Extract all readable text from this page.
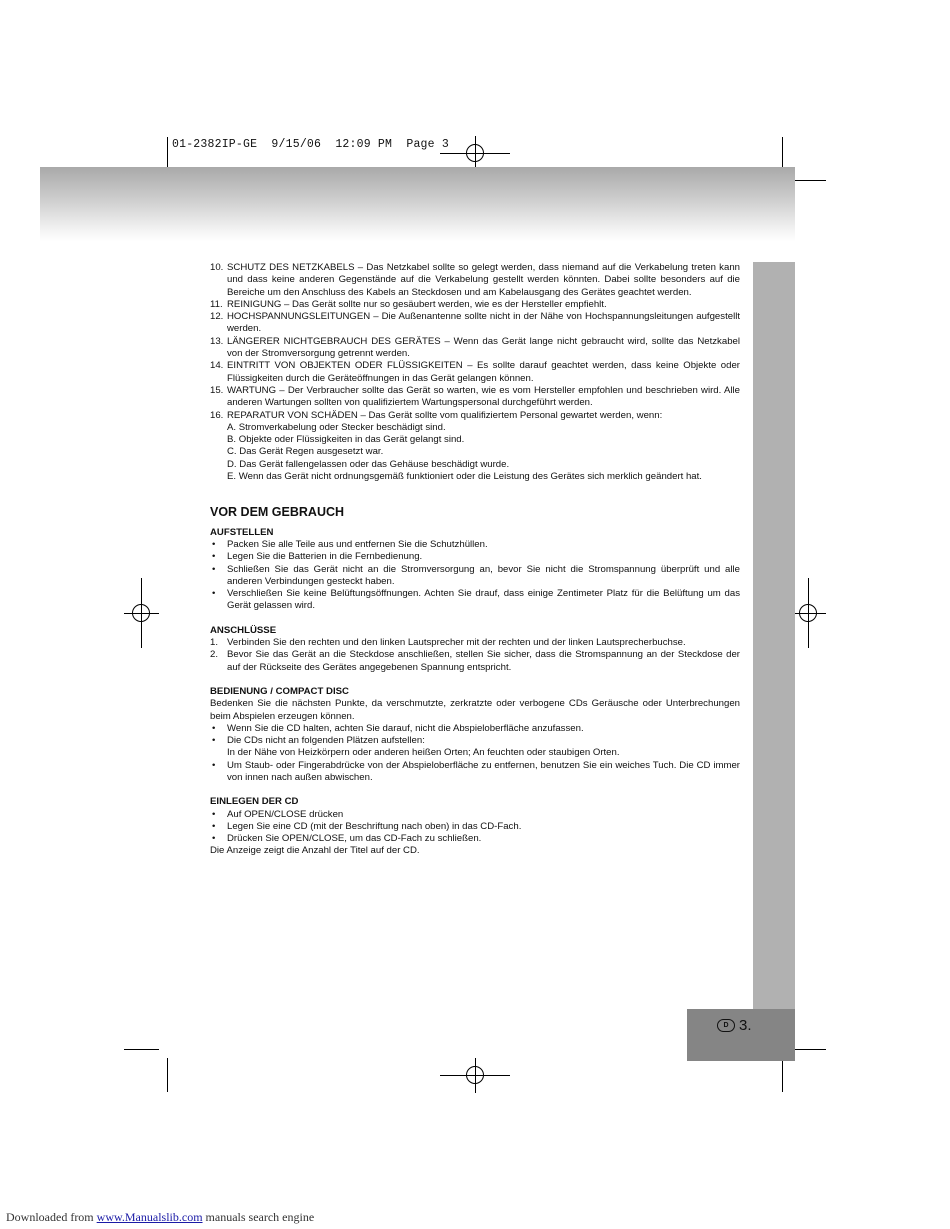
01-2382IP-GE  9/15/06  12:09 PM  Page 3
D 3.
10. SCHUTZ DES NETZKABELS – Das Netzkabel sollte so gelegt werden, dass niemand auf die Verkabelung treten kann und dass keine anderen Gegenstände auf die Verkabelung gestellt werden könnten. Dabei sollte besonders auf die Bereiche um den Anschluss des Kabels an Steckdosen und am Kabelausgang des Gerätes geachtet werden.
11. REINIGUNG – Das Gerät sollte nur so gesäubert werden, wie es der Hersteller empfiehlt.
12. HOCHSPANNUNGSLEITUNGEN – Die Außenantenne sollte nicht in der Nähe von Hochspannungsleitungen aufgestellt werden.
13. LÄNGERER NICHTGEBRAUCH DES GERÄTES – Wenn das Gerät lange nicht gebraucht wird, sollte das Netzkabel von der Stromversorgung getrennt werden.
14. EINTRITT VON OBJEKTEN ODER FLÜSSIGKEITEN – Es sollte darauf geachtet werden, dass keine Objekte oder Flüssigkeiten durch die Geräteöffnungen in das Gerät gelangen können.
15. WARTUNG – Der Verbraucher sollte das Gerät so warten, wie es vom Hersteller empfohlen und beschrieben wird. Alle anderen Wartungen sollten von qualifiziertem Wartungspersonal durchgeführt werden.
16. REPARATUR VON SCHÄDEN – Das Gerät sollte vom qualifiziertem Personal gewartet werden, wenn:
A. Stromverkabelung oder Stecker beschädigt sind.
B. Objekte oder Flüssigkeiten in das Gerät gelangt sind.
C. Das Gerät Regen ausgesetzt war.
D. Das Gerät fallengelassen oder das Gehäuse beschädigt wurde.
E. Wenn das Gerät nicht ordnungsgemäß funktioniert oder die Leistung des Gerätes sich merklich geändert hat.
VOR DEM GEBRAUCH
AUFSTELLEN
•	Packen Sie alle Teile aus und entfernen Sie die Schutzhüllen.
•	Legen Sie die Batterien in die Fernbedienung.
•	Schließen Sie das Gerät nicht an die Stromversorgung an, bevor Sie nicht die Stromspannung überprüft und alle anderen Verbindungen gesteckt haben.
•	Verschließen Sie keine Belüftungsöffnungen. Achten Sie drauf, dass einige Zentimeter Platz für die Belüftung um das Gerät gelassen wird.
ANSCHLÜSSE
1. Verbinden Sie den rechten und den linken Lautsprecher mit der rechten und der linken Lautsprecherbuchse.
2. Bevor Sie das Gerät an die Steckdose anschließen, stellen Sie sicher, dass die Stromspannung an der Steckdose der auf der Rückseite des Gerätes angegebenen Spannung entspricht.
BEDIENUNG / COMPACT DISC
Bedenken Sie die nächsten Punkte, da verschmutzte, zerkratzte oder verbogene CDs Geräusche oder Unterbrechungen beim Abspielen erzeugen können.
•	Wenn Sie die CD halten, achten Sie darauf, nicht die Abspieloberfläche anzufassen.
•	Die CDs nicht an folgenden Plätzen aufstellen:
In der Nähe von Heizkörpern oder anderen heißen Orten; An feuchten oder staubigen Orten.
•	Um Staub- oder Fingerabdrücke von der Abspieloberfläche zu entfernen, benutzen Sie ein weiches Tuch. Die CD immer von innen nach außen abwischen.
EINLEGEN DER CD
•	Auf OPEN/CLOSE drücken
•	Legen Sie eine CD (mit der Beschriftung nach oben) in das CD-Fach.
•	Drücken Sie OPEN/CLOSE, um das CD-Fach zu schließen.
Die Anzeige zeigt die Anzahl der Titel auf der CD.
Downloaded from www.Manualslib.com manuals search engine
